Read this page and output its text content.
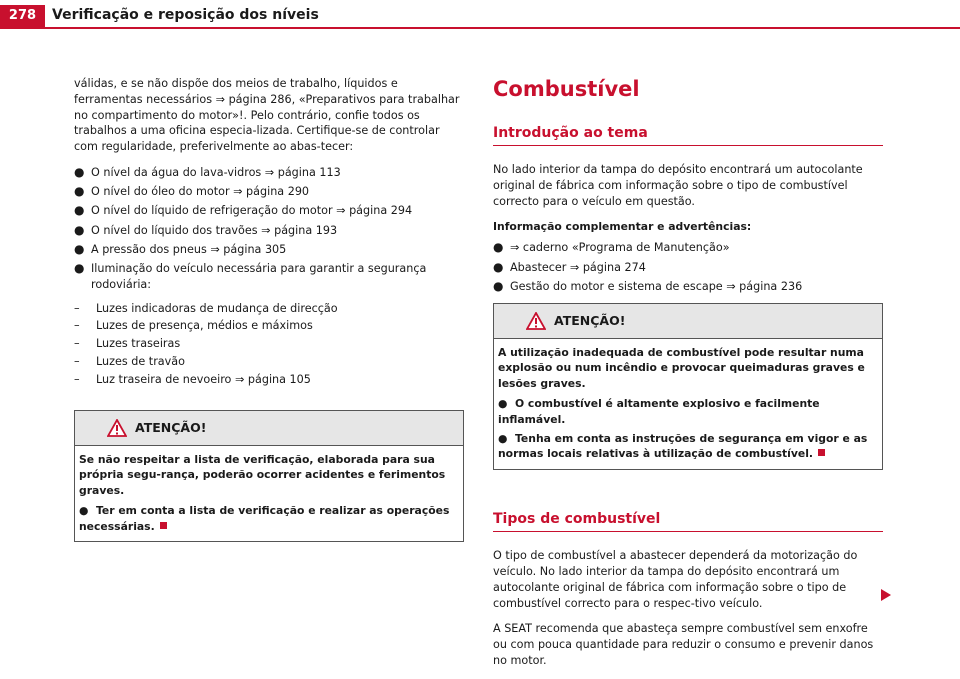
278	Verificação e reposição dos níveis

válidas, e se não dispõe dos meios de trabalho, líquidos e ferramentas necessários ⇒ página 286, «Preparativos para trabalhar no compartimento do motor»!. Pelo contrário, confie todos os trabalhos a uma oficina especia-lizada. Certifique-se de controlar com regularidade, preferivelmente ao abas-tecer:

● O nível da água do lava-vidros ⇒ página 113
● O nível do óleo do motor ⇒ página 290
● O nível do líquido de refrigeração do motor ⇒ página 294
● O nível do líquido dos travões ⇒ página 193
● A pressão dos pneus ⇒ página 305
● Iluminação do veículo necessária para garantir a segurança rodoviária:
– Luzes indicadoras de mudança de direcção
– Luzes de presença, médios e máximos
– Luzes traseiras
– Luzes de travão
– Luz traseira de nevoeiro ⇒ página 105
ATENÇÃO!

Se não respeitar a lista de verificação, elaborada para sua própria segu-rança, poderão ocorrer acidentes e ferimentos graves.

● Ter em conta a lista de verificação e realizar as operações necessárias.

Combustível
Introdução ao tema

No lado interior da tampa do depósito encontrará um autocolante original de fábrica com informação sobre o tipo de combustível correcto para o veículo em questão.

Informação complementar e advertências:

● ⇒ caderno «Programa de Manutenção»
● Abastecer ⇒ página 274
● Gestão do motor e sistema de escape ⇒ página 236
ATENÇÃO!

A utilização inadequada de combustível pode resultar numa explosão ou num incêndio e provocar queimaduras graves e lesões graves.

● O combustível é altamente explosivo e facilmente inflamável.

● Tenha em conta as instruções de segurança em vigor e as normas locais relativas à utilização de combustível.

Tipos de combustível

O tipo de combustível a abastecer dependerá da motorização do veículo. No lado interior da tampa do depósito encontrará um autocolante original de fábrica com informação sobre o tipo de combustível correcto para o respec-tivo veículo.

A SEAT recomenda que abasteça sempre combustível sem enxofre ou com pouca quantidade para reduzir o consumo e prevenir danos no motor.
